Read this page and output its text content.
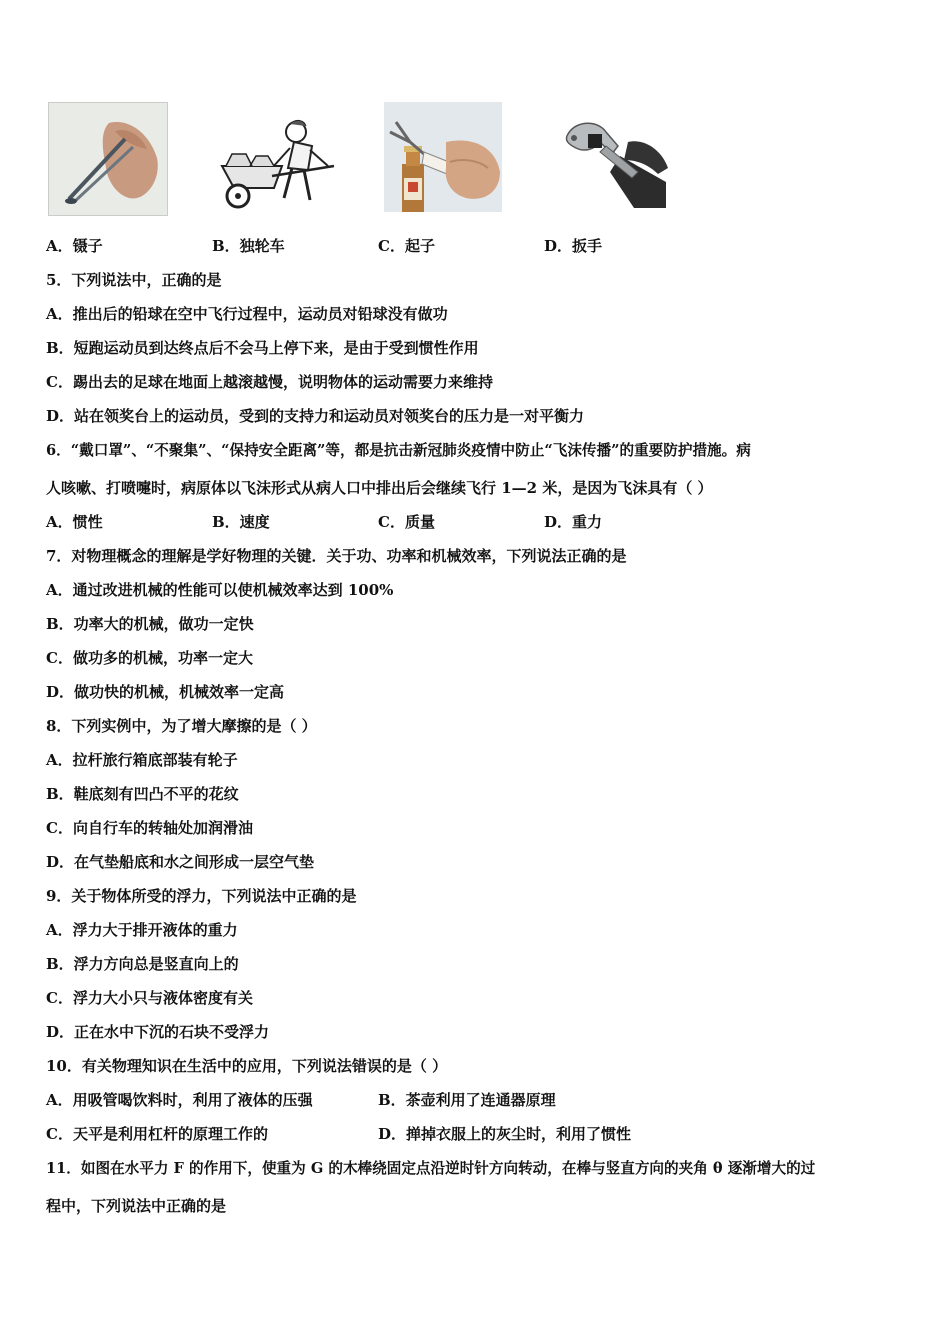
A．镊子	B．独轮车	C．起子	D．扳手
5．下列说法中，正确的是
A．推出后的铅球在空中飞行过程中，运动员对铅球没有做功
B．短跑运动员到达终点后不会马上停下来，是由于受到惯性作用
C．踢出去的足球在地面上越滚越慢，说明物体的运动需要力来维持
D．站在领奖台上的运动员，受到的支持力和运动员对领奖台的压力是一对平衡力
6．“戴口罩”、“不聚集”、“保持安全距离”等，都是抗击新冠肺炎疫情中防止“飞沫传播”的重要防护措施。病
人咳嗽、打喷嚏时，病原体以飞沫形式从病人口中排出后会继续飞行 1—2 米，是因为飞沫具有（ ）
A．惯性	B．速度	C．质量	D．重力
7．对物理概念的理解是学好物理的关键．关于功、功率和机械效率，下列说法正确的是
A．通过改进机械的性能可以使机械效率达到 100%
B．功率大的机械，做功一定快
C．做功多的机械，功率一定大
D．做功快的机械，机械效率一定高
8．下列实例中，为了增大摩擦的是（ ）
A．拉杆旅行箱底部装有轮子
B．鞋底刻有凹凸不平的花纹
C．向自行车的转轴处加润滑油
D．在气垫船底和水之间形成一层空气垫
9．关于物体所受的浮力，下列说法中正确的是
A．浮力大于排开液体的重力
B．浮力方向总是竖直向上的
C．浮力大小只与液体密度有关
D．正在水中下沉的石块不受浮力
10．有关物理知识在生活中的应用，下列说法错误的是（ ）
A．用吸管喝饮料时，利用了液体的压强	B．茶壶利用了连通器原理
C．天平是利用杠杆的原理工作的	D．掸掉衣服上的灰尘时，利用了惯性
11．如图在水平力 F 的作用下，使重为 G 的木棒绕固定点沿逆时针方向转动，在棒与竖直方向的夹角 θ 逐渐增大的过
程中，下列说法中正确的是
